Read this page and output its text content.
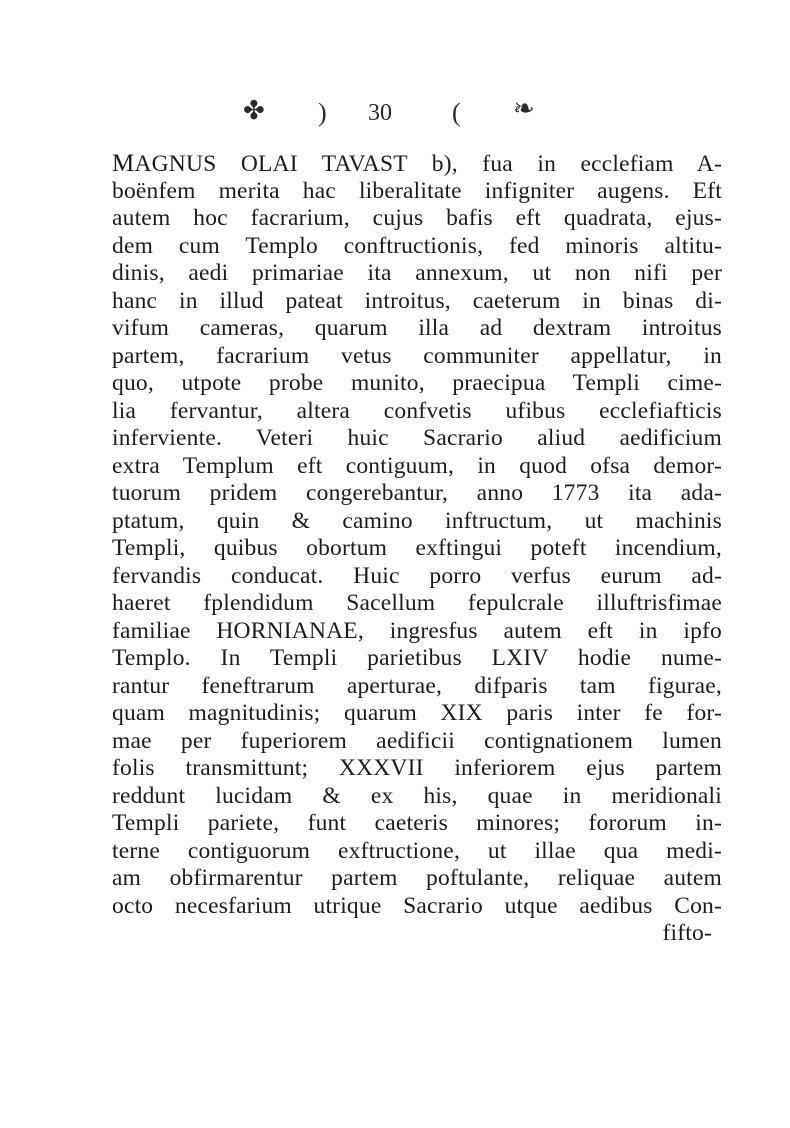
✤ ) 30 ( ❧
MAGNUS OLAI TAVAST b), fua in ecclefiam A-
boënfem merita hac liberalitate infigniter augens. Eft
autem hoc facrarium, cujus bafis eft quadrata, ejus-
dem cum Templo conftructionis, fed minoris altitu-
dinis, aedi primariae ita annexum, ut non nifi per
hanc in illud pateat introitus, caeterum in binas di-
vifum cameras, quarum illa ad dextram introitus
partem, facrarium vetus communiter appellatur, in
quo, utpote probe munito, praecipua Templi cime-
lia fervantur, altera confvetis ufibus ecclefiafticis
inferviente. Veteri huic Sacrario aliud aedificium
extra Templum eft contiguum, in quod ofsa demor-
tuorum pridem congerebantur, anno 1773 ita ada-
ptatum, quin & camino inftructum, ut machinis
Templi, quibus obortum exftingui poteft incendium,
fervandis conducat. Huic porro verfus eurum ad-
haeret fplendidum Sacellum fepulcrale illuftrisfimae
familiae HORNIANAE, ingresfus autem eft in ipfo
Templo. In Templi parietibus LXIV hodie nume-
rantur feneftrarum aperturae, difparis tam figurae,
quam magnitudinis; quarum XIX paris inter fe for-
mae per fuperiorem aedificii contignationem lumen
folis transmittunt; XXXVII inferiorem ejus partem
reddunt lucidam & ex his, quae in meridionali
Templi pariete, funt caeteris minores; fororum in-
terne contiguorum exftructione, ut illae qua medi-
am obfirmarentur partem poftulante, reliquae autem
octo necesfarium utrique Sacrario utque aedibus Con-
fifto-
